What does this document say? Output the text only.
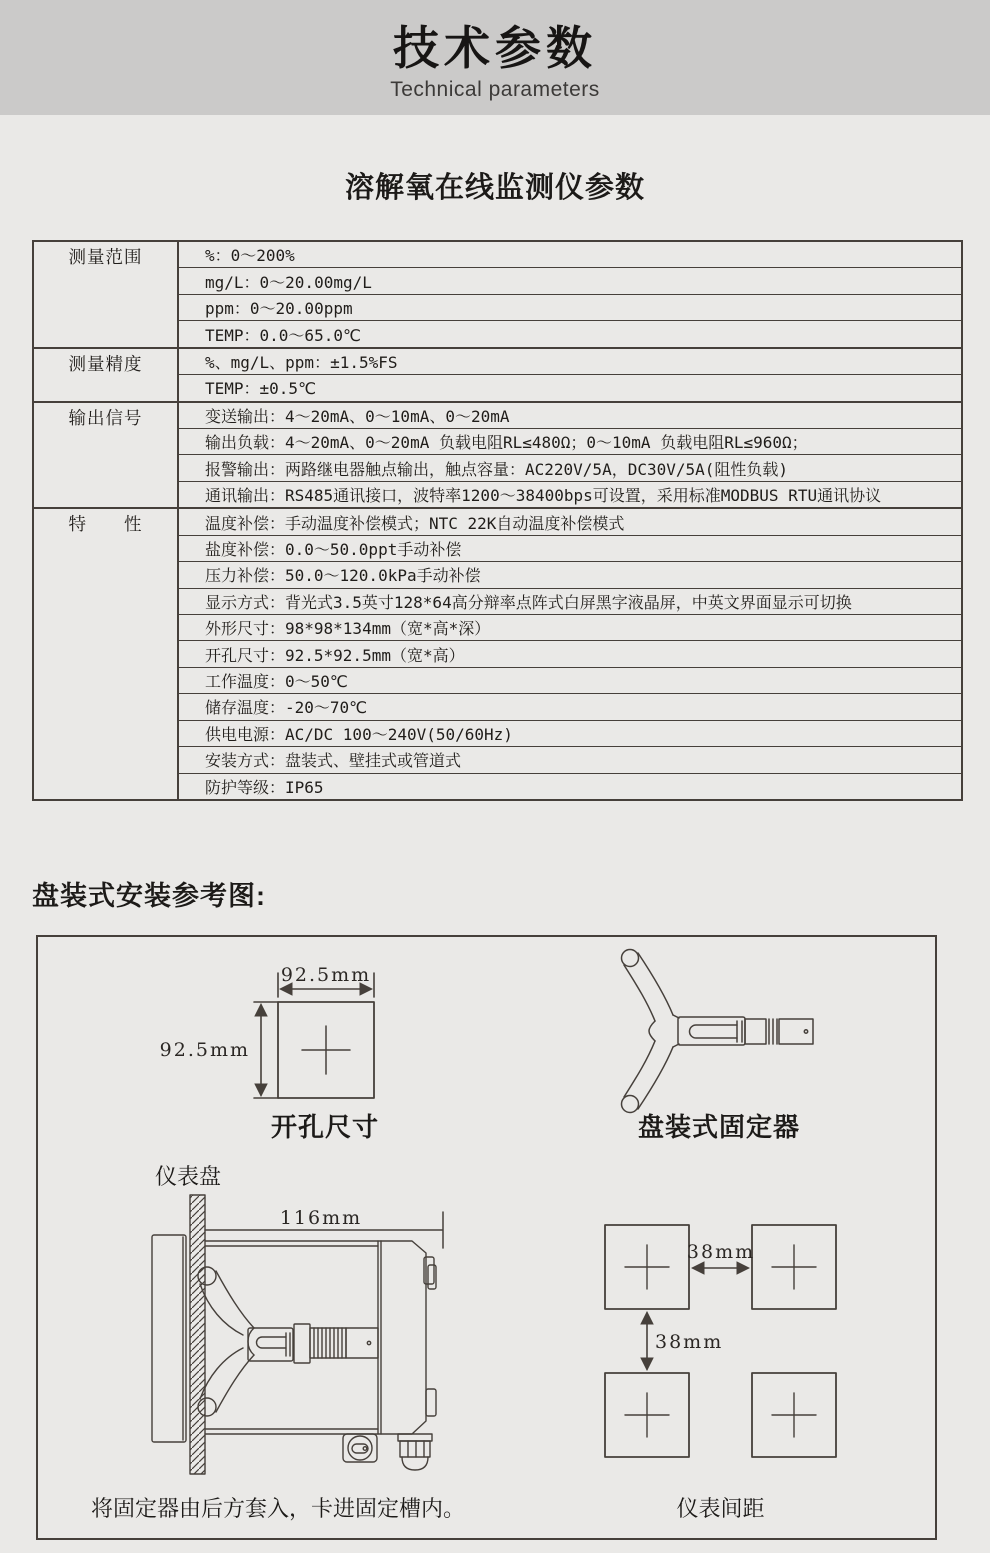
技术参数
Technical parameters
溶解氧在线监测仪参数
测量范围	%：0～200%
mg/L：0～20.00mg/L
ppm：0～20.00ppm
TEMP：0.0～65.0℃
测量精度	%、mg/L、ppm：±1.5%FS
TEMP：±0.5℃
输出信号	变送输出：4～20mA、0～10mA、0～20mA
输出负载：4～20mA、0～20mA 负载电阻RL≤480Ω；0～10mA 负载电阻RL≤960Ω；
报警输出：两路继电器触点输出，触点容量：AC220V/5A，DC30V/5A(阻性负载)
通讯输出：RS485通讯接口，波特率1200～38400bps可设置，采用标准MODBUS RTU通讯协议
特　　性	温度补偿：手动温度补偿模式；NTC 22K自动温度补偿模式
盐度补偿：0.0～50.0ppt手动补偿
压力补偿：50.0～120.0kPa手动补偿
显示方式：背光式3.5英寸128*64高分辩率点阵式白屏黑字液晶屏，中英文界面显示可切换
外形尺寸：98*98*134mm（宽*高*深）
开孔尺寸：92.5*92.5mm（宽*高）
工作温度：0～50℃
储存温度：-20～70℃
供电电源：AC/DC 100～240V(50/60Hz)
安装方式：盘装式、壁挂式或管道式
防护等级：IP65
盘装式安装参考图:
92.5mm
92.5mm
116mm
38mm
38mm
开孔尺寸	盘装式固定器
仪表盘
将固定器由后方套入，卡进固定槽内。	仪表间距
